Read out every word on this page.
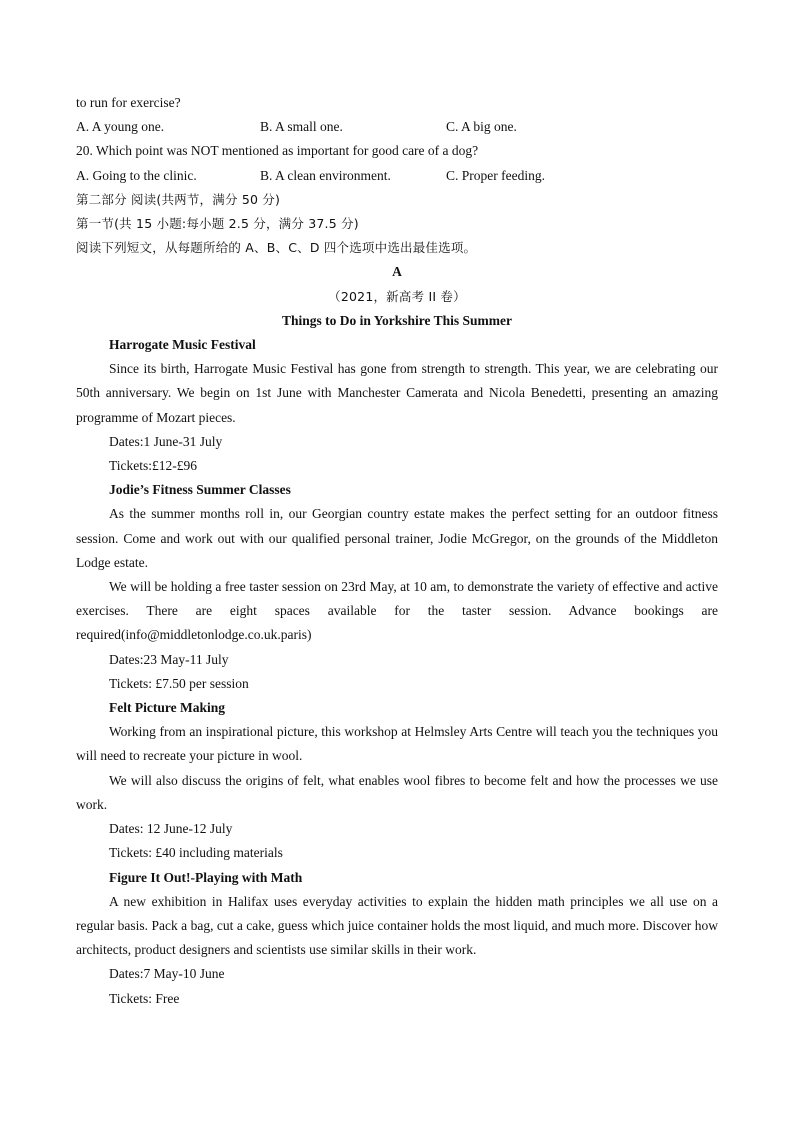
to run for exercise?
A. A young one.	B. A small one.	C. A big one.
20. Which point was NOT mentioned as important for good care of a dog?
A. Going to the clinic.	B. A clean environment.	C. Proper feeding.
第二部分 阅读(共两节，满分 50 分)
第一节(共 15 小题:每小题 2.5 分，满分 37.5 分)
阅读下列短文，从每题所给的 A、B、C、D 四个选项中选出最佳选项。
A
（2021，新高考 II 卷）
Things to Do in Yorkshire This Summer
Harrogate Music Festival

Since its birth, Harrogate Music Festival has gone from strength to strength. This year, we are celebrating our 50th anniversary. We begin on 1st June with Manchester Camerata and Nicola Benedetti, presenting an amazing programme of Mozart pieces.

Dates:1 June-31 July
Tickets:£12-£96
Jodie’s Fitness Summer Classes

As the summer months roll in, our Georgian country estate makes the perfect setting for an outdoor fitness session. Come and work out with our qualified personal trainer, Jodie McGregor, on the grounds of the Middleton Lodge estate.

We will be holding a free taster session on 23rd May, at 10 am, to demonstrate the variety of effective and active exercises. There are eight spaces available for the taster session. Advance bookings are required(info@middletonlodge.co.uk.paris)

Dates:23 May-11 July
Tickets: £7.50 per session
Felt Picture Making

Working from an inspirational picture, this workshop at Helmsley Arts Centre will teach you the techniques you will need to recreate your picture in wool.

We will also discuss the origins of felt, what enables wool fibres to become felt and how the processes we use work.

Dates: 12 June-12 July
Tickets: £40 including materials
Figure It Out!-Playing with Math

A new exhibition in Halifax uses everyday activities to explain the hidden math principles we all use on a regular basis. Pack a bag, cut a cake, guess which juice container holds the most liquid, and much more. Discover how architects, product designers and scientists use similar skills in their work.

Dates:7 May-10 June
Tickets: Free
